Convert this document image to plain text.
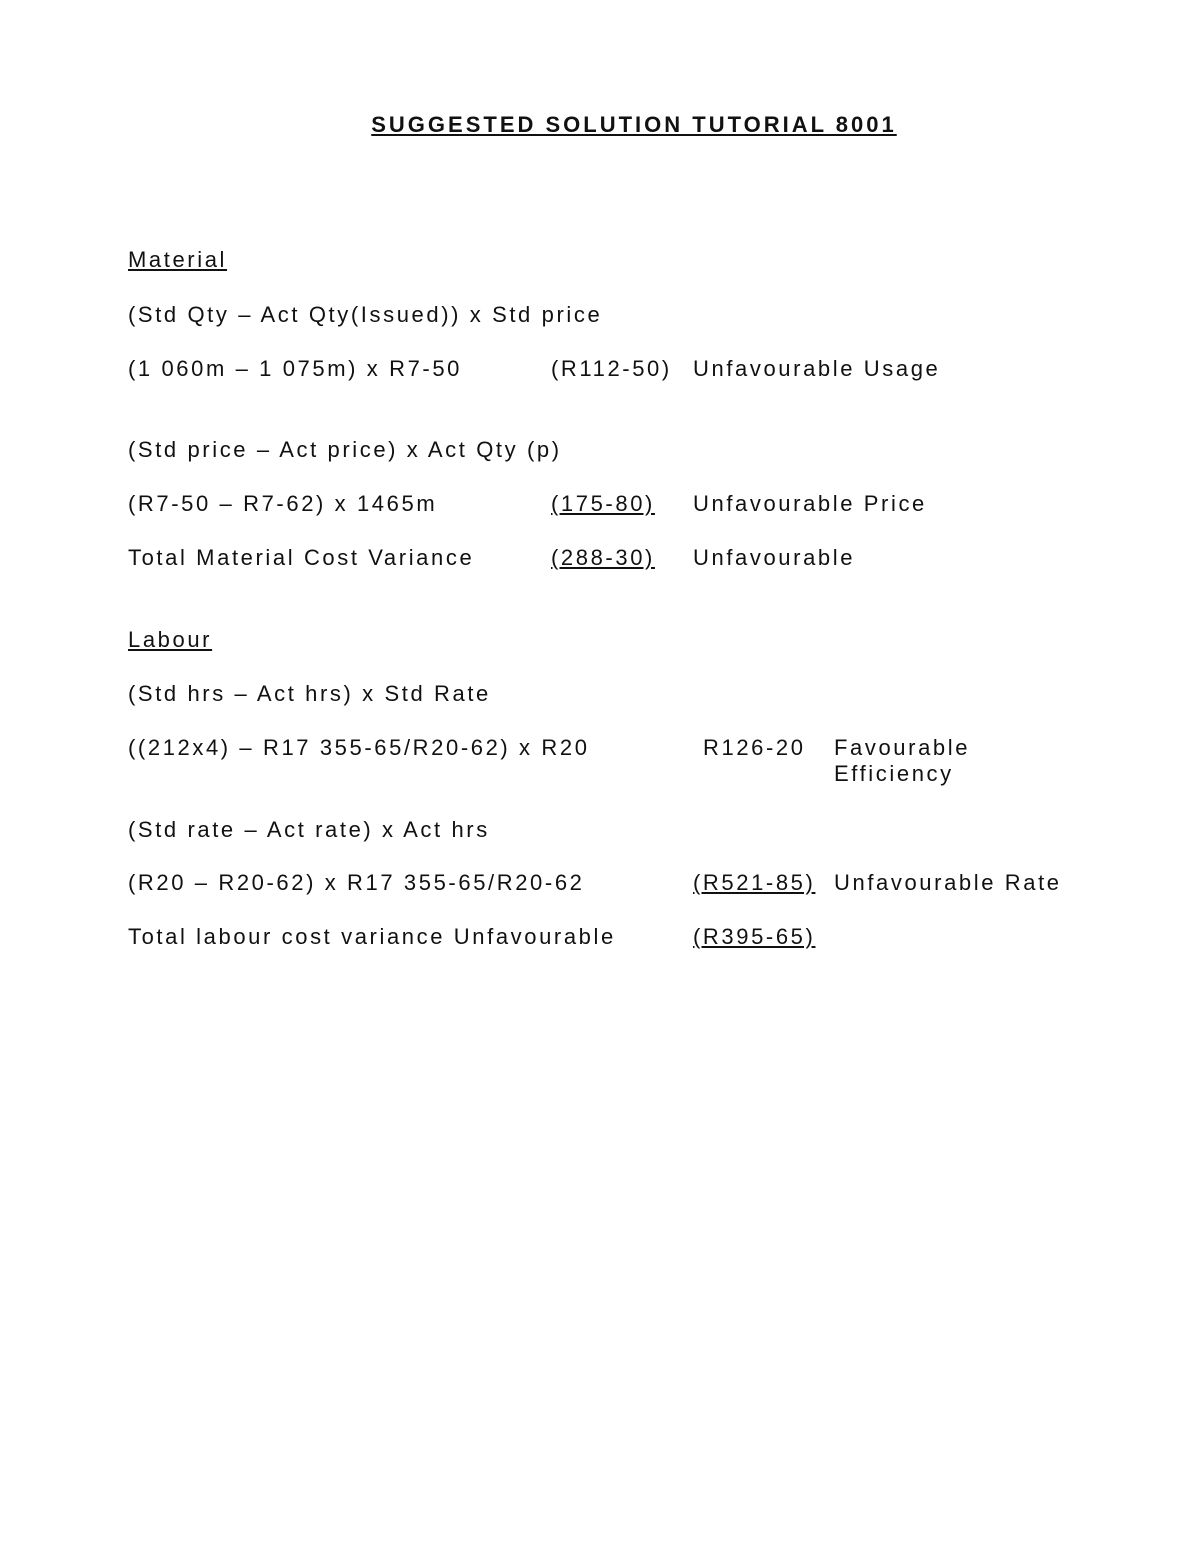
SUGGESTED SOLUTION TUTORIAL 8001
Material
(Std Qty – Act Qty(Issued)) x Std price
(1 060m – 1 075m) x R7-50	(R112-50) Unfavourable Usage
(Std price – Act price) x Act Qty (p)
(R7-50 – R7-62) x 1465m	(175-80) Unfavourable Price
Total Material Cost Variance	(288-30) Unfavourable
Labour
(Std hrs – Act hrs) x Std Rate
((212x4) – R17 355-65/R20-62) x R20	R126-20 Favourable
Efficiency
(Std rate – Act rate) x Act hrs
(R20 – R20-62) x R17 355-65/R20-62	(R521-85) Unfavourable Rate
Total labour cost variance Unfavourable	(R395-65)
